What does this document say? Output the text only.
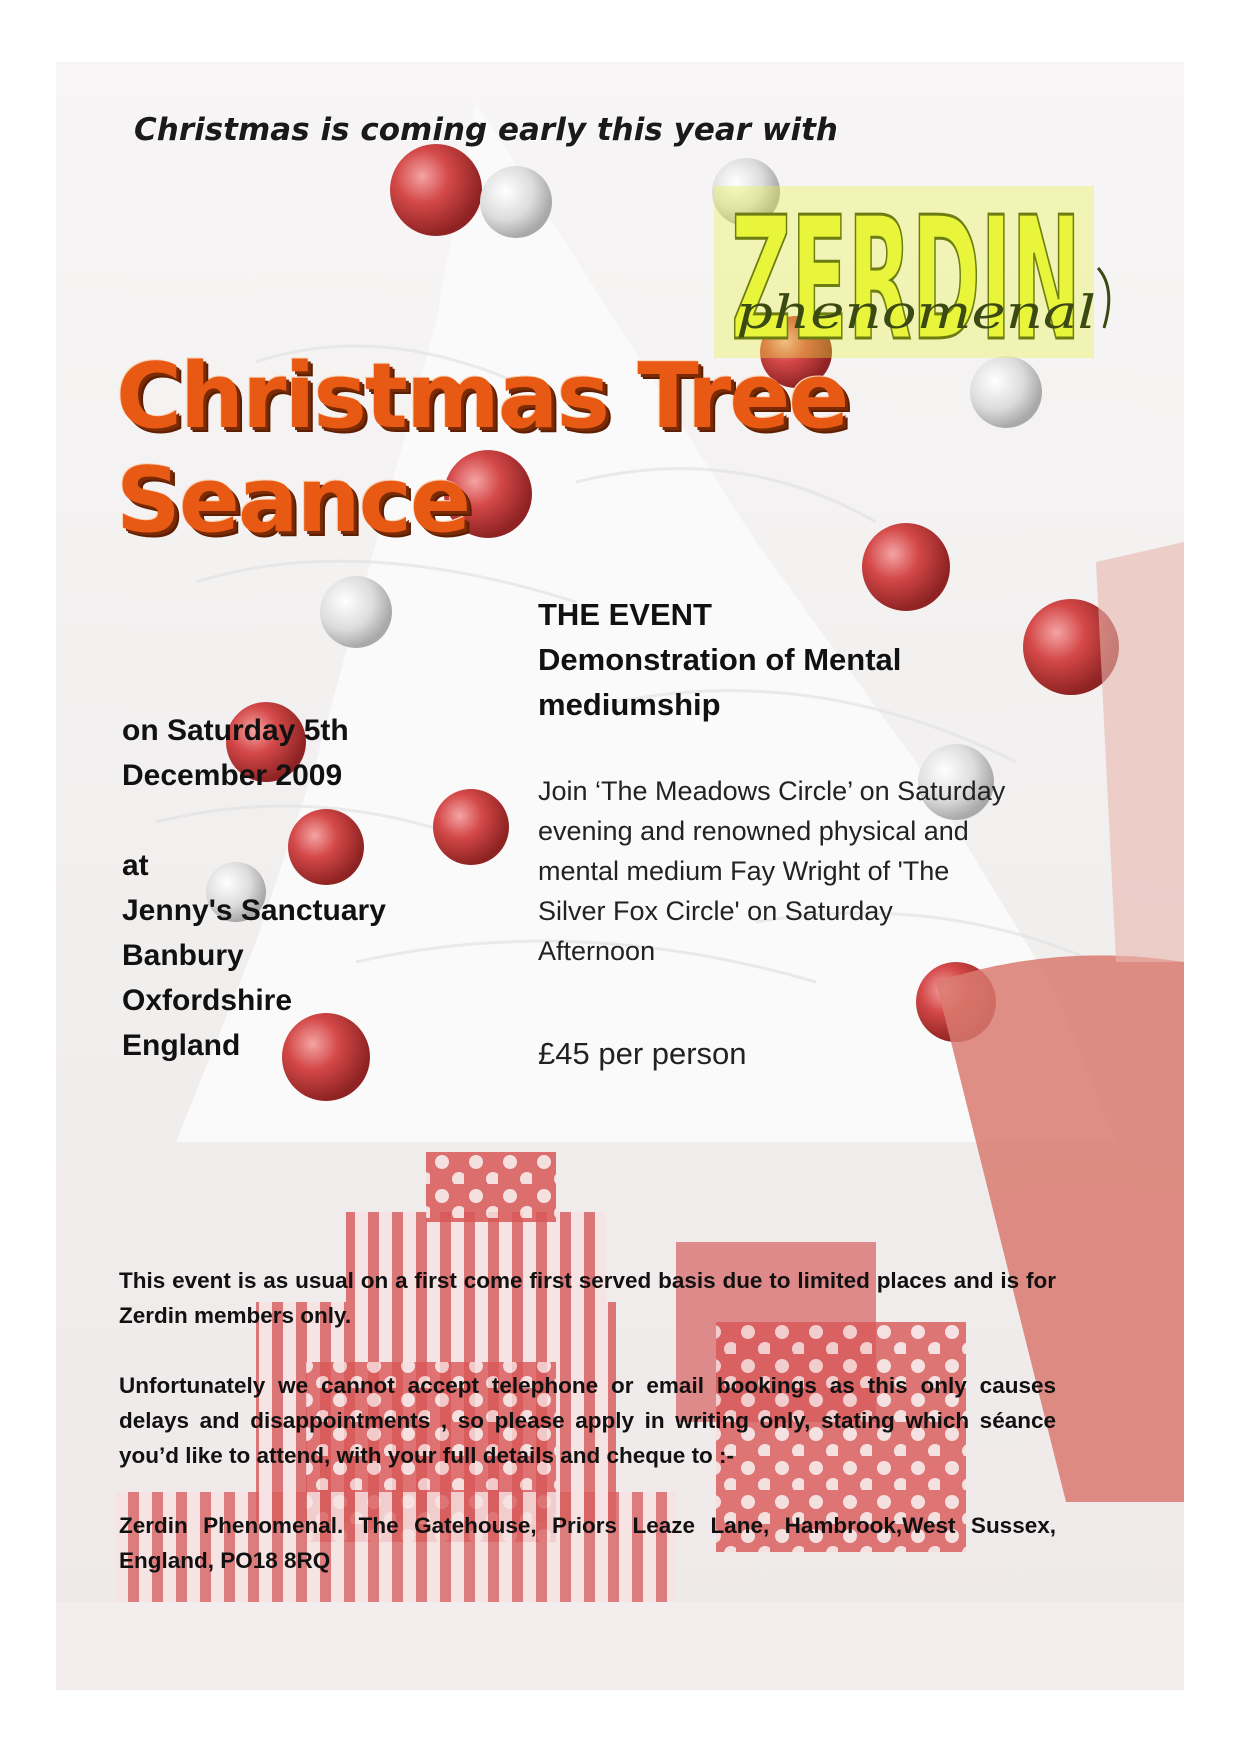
Christmas is coming early this year with
ZERDIN
phenomenal
Christmas Tree
Seance
THE EVENT
Demonstration of Mental
mediumship
Join ‘The Meadows Circle’ on Saturday
evening and renowned physical and
mental medium Fay Wright of 'The
Silver Fox Circle' on Saturday
Afternoon
£45 per person
on Saturday 5th
December 2009
at
Jenny's Sanctuary
Banbury
Oxfordshire
England

This event is as usual on a first come first served basis due to limited places and is for Zerdin members only.

Unfortunately we cannot accept telephone or email bookings as this only causes delays and disappointments , so please apply in writing only, stating which séance you’d like to attend, with your full details and cheque to :-

Zerdin Phenomenal. The Gatehouse, Priors Leaze Lane, Hambrook,West Sussex, England, PO18 8RQ
